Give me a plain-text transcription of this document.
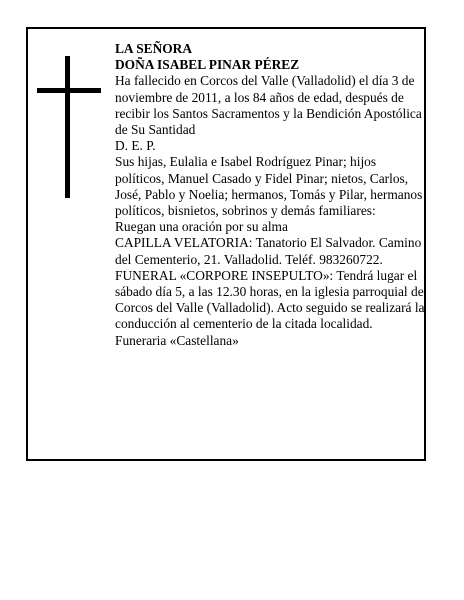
LA SEÑORA

DOÑA ISABEL PINAR PÉREZ

Ha fallecido en Corcos del Valle (Valladolid) el día 3 de noviembre de 2011, a los 84 años de edad, después de recibir los Santos Sacramentos y la Bendición Apostólica de Su Santidad

D. E. P.

Sus hijas, Eulalia e Isabel Rodríguez Pinar; hijos políticos, Manuel Casado y Fidel Pinar; nietos, Carlos, José, Pablo y Noelia; hermanos, Tomás y Pilar, hermanos políticos, bisnietos, sobrinos y demás familiares:

Ruegan una oración por su alma

CAPILLA VELATORIA: Tanatorio El Salvador. Camino del Cementerio, 21. Valladolid. Teléf. 983260722.

FUNERAL «CORPORE INSEPULTO»: Tendrá lugar el sábado día 5, a las 12.30 horas, en la iglesia parroquial de Corcos del Valle (Valladolid). Acto seguido se realizará la conducción al cementerio de la citada localidad.

Funeraria «Castellana»
